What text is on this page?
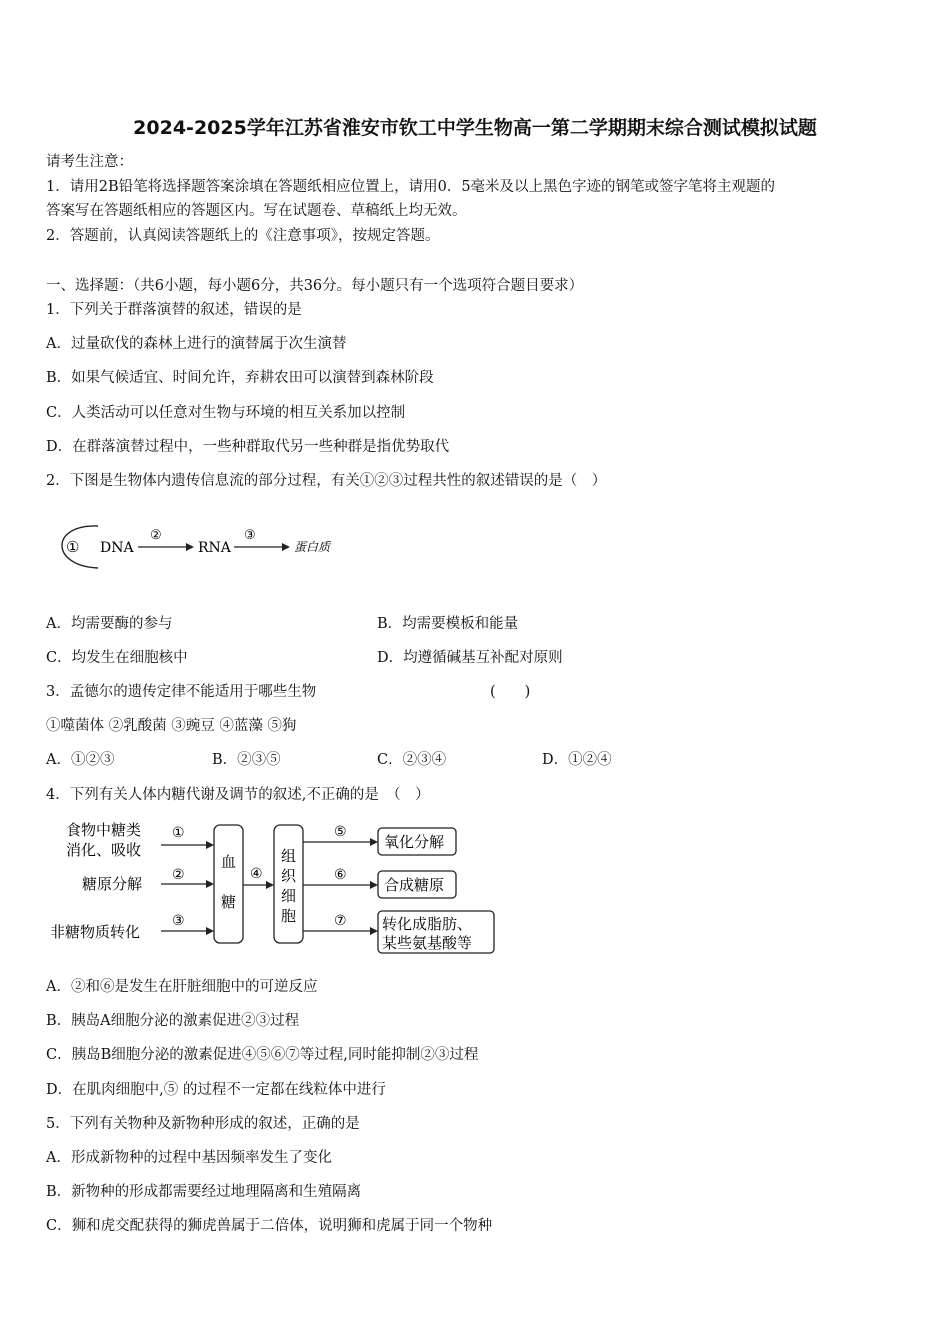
2024-2025学年江苏省淮安市钦工中学生物高一第二学期期末综合测试模拟试题
请考生注意：
1．请用2B铅笔将选择题答案涂填在答题纸相应位置上，请用0．5毫米及以上黑色字迹的钢笔或签字笔将主观题的
答案写在答题纸相应的答题区内。写在试题卷、草稿纸上均无效。
2．答题前，认真阅读答题纸上的《注意事项》，按规定答题。
一、选择题：（共6小题，每小题6分，共36分。每小题只有一个选项符合题目要求）
1．下列关于群落演替的叙述，错误的是
A．过量砍伐的森林上进行的演替属于次生演替
B．如果气候适宜、时间允许，弃耕农田可以演替到森林阶段
C．人类活动可以任意对生物与环境的相互关系加以控制
D．在群落演替过程中，一些种群取代另一些种群是指优势取代
2．下图是生物体内遗传信息流的部分过程，有关①②③过程共性的叙述错误的是（　）
① DNA
②
RNA
③
蛋白质
A．均需要酶的参与	B．均需要模板和能量
C．均发生在细胞核中	D．均遵循碱基互补配对原则
3．孟德尔的遗传定律不能适用于哪些生物	(　　)
①噬菌体 ②乳酸菌 ③豌豆 ④蓝藻 ⑤狗
A．①②③	B．②③⑤	C．②③④	D．①②④
4．下列有关人体内糖代谢及调节的叙述,不正确的是　（　）
食物中糖类
消化、吸收
①
糖原分解 ②
非糖物质转化
③
血
糖
④
组
织
细
胞
⑤
氧化分解
⑥
合成糖原
⑦ 转化成脂肪、
某些氨基酸等
A．②和⑥是发生在肝脏细胞中的可逆反应
B．胰岛A细胞分泌的激素促进②③过程
C．胰岛B细胞分泌的激素促进④⑤⑥⑦等过程,同时能抑制②③过程
D．在肌肉细胞中,⑤ 的过程不一定都在线粒体中进行
5．下列有关物种及新物种形成的叙述，正确的是
A．形成新物种的过程中基因频率发生了变化
B．新物种的形成都需要经过地理隔离和生殖隔离
C．狮和虎交配获得的狮虎兽属于二倍体，说明狮和虎属于同一个物种
